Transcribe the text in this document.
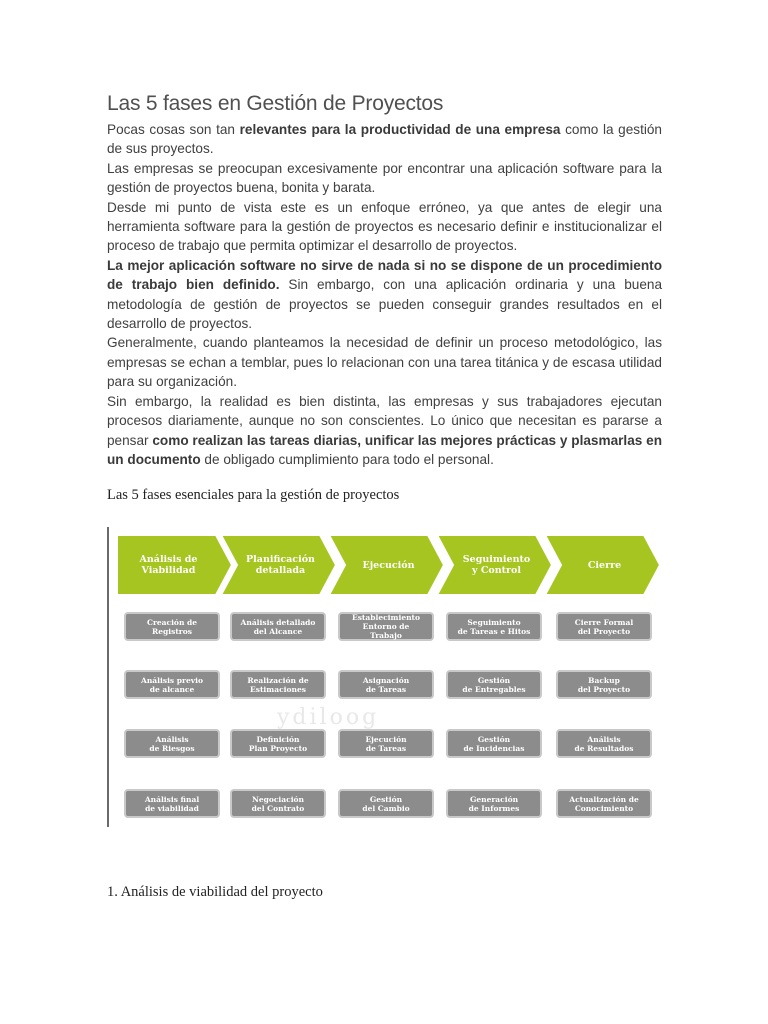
Las 5 fases en Gestión de Proyectos

Pocas cosas son tan relevantes para la productividad de una empresa como la gestión de sus proyectos.

Las empresas se preocupan excesivamente por encontrar una aplicación software para la gestión de proyectos buena, bonita y barata.

Desde mi punto de vista este es un enfoque erróneo, ya que antes de elegir una herramienta software para la gestión de proyectos es necesario definir e institucionalizar el proceso de trabajo que permita optimizar el desarrollo de proyectos.

La mejor aplicación software no sirve de nada si no se dispone de un procedimiento de trabajo bien definido. Sin embargo, con una aplicación ordinaria y una buena metodología de gestión de proyectos se pueden conseguir grandes resultados en el desarrollo de proyectos.

Generalmente, cuando planteamos la necesidad de definir un proceso metodológico, las empresas se echan a temblar, pues lo relacionan con una tarea titánica y de escasa utilidad para su organización.

Sin embargo, la realidad es bien distinta, las empresas y sus trabajadores ejecutan procesos diariamente, aunque no son conscientes. Lo único que necesitan es pararse a pensar como realizan las tareas diarias, unificar las mejores prácticas y plasmarlas en un documento de obligado cumplimiento para todo el personal.

Las 5 fases esenciales para la gestión de proyectos
ydiloog
Análisis de
Viabilidad
Creación de
Registros
Análisis previo
de alcance
Análisis
de Riesgos
Análisis final
de viabilidad
Planificación
detallada
Análisis detallado
del Alcance
Realización de
Estimaciones
Definición
Plan Proyecto
Negociación
del Contrato
Ejecución
Establecimiento
Entorno de
Trabajo
Asignación
de Tareas
Ejecución
de Tareas
Gestión
del Cambio
Seguimiento
y Control
Seguimiento
de Tareas e Hitos
Gestión
de Entregables
Gestión
de Incidencias
Generación
de Informes
Cierre
Cierre Formal
del Proyecto
Backup
del Proyecto
Análisis
de Resultados
Actualización de
Conocimiento
1. Análisis de viabilidad del proyecto
